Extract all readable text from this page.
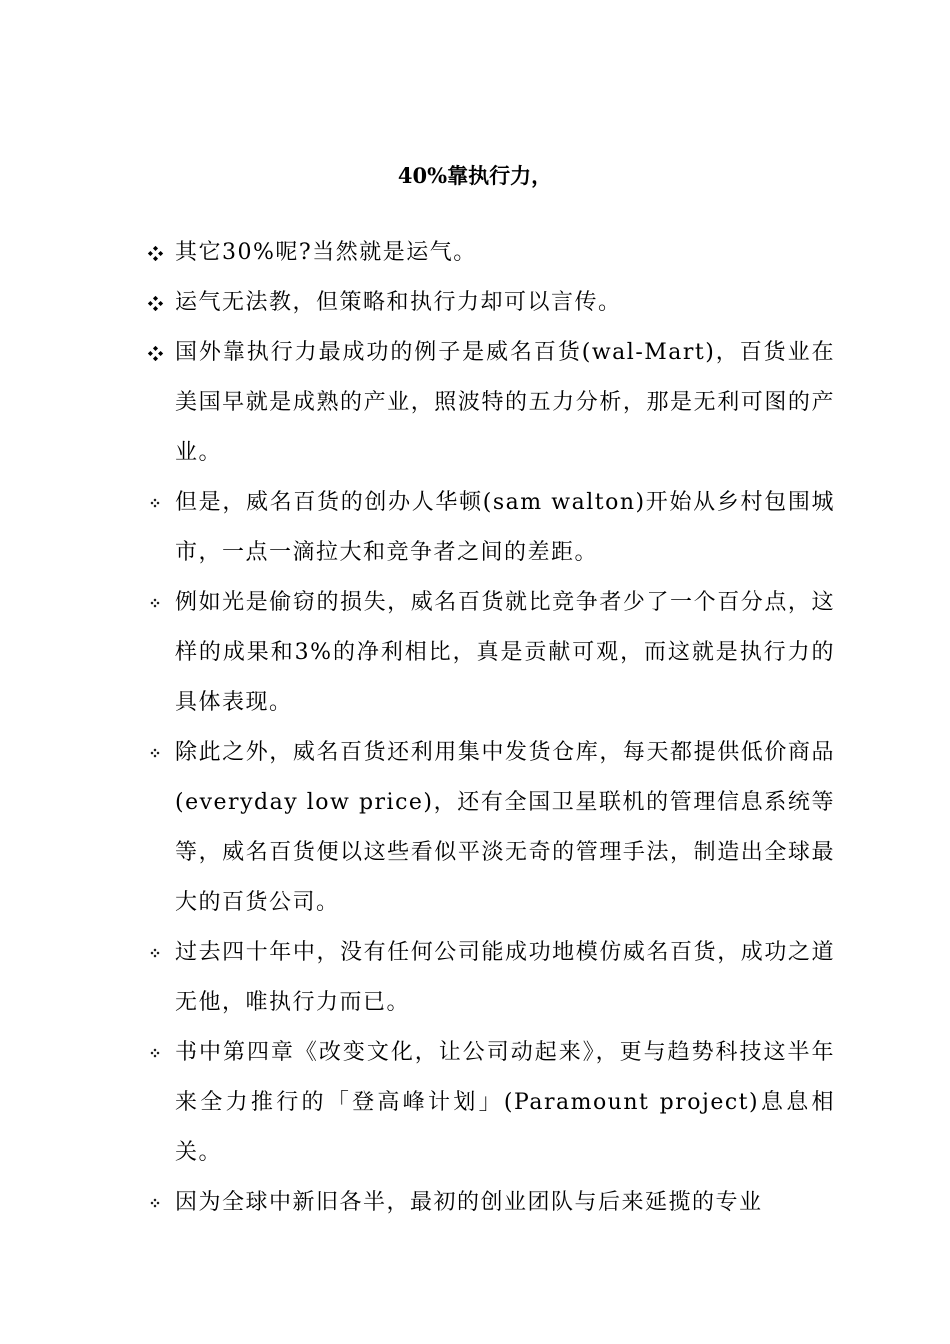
40%靠执行力，
其它30%呢?当然就是运气。
运气无法教，但策略和执行力却可以言传。
国外靠执行力最成功的例子是威名百货(wal-Mart)，百货业在美国早就是成熟的产业，照波特的五力分析，那是无利可图的产业。
但是，威名百货的创办人华顿(sam walton)开始从乡村包围城市，一点一滴拉大和竞争者之间的差距。
例如光是偷窃的损失，威名百货就比竞争者少了一个百分点，这样的成果和3%的净利相比，真是贡献可观，而这就是执行力的具体表现。
除此之外，威名百货还利用集中发货仓库，每天都提供低价商品(everyday low price)，还有全国卫星联机的管理信息系统等等，威名百货便以这些看似平淡无奇的管理手法，制造出全球最大的百货公司。
过去四十年中，没有任何公司能成功地模仿威名百货，成功之道无他，唯执行力而已。
书中第四章《改变文化，让公司动起来》，更与趋势科技这半年来全力推行的「登高峰计划」(Paramount project)息息相关。
因为全球中新旧各半，最初的创业团队与后来延揽的专业
